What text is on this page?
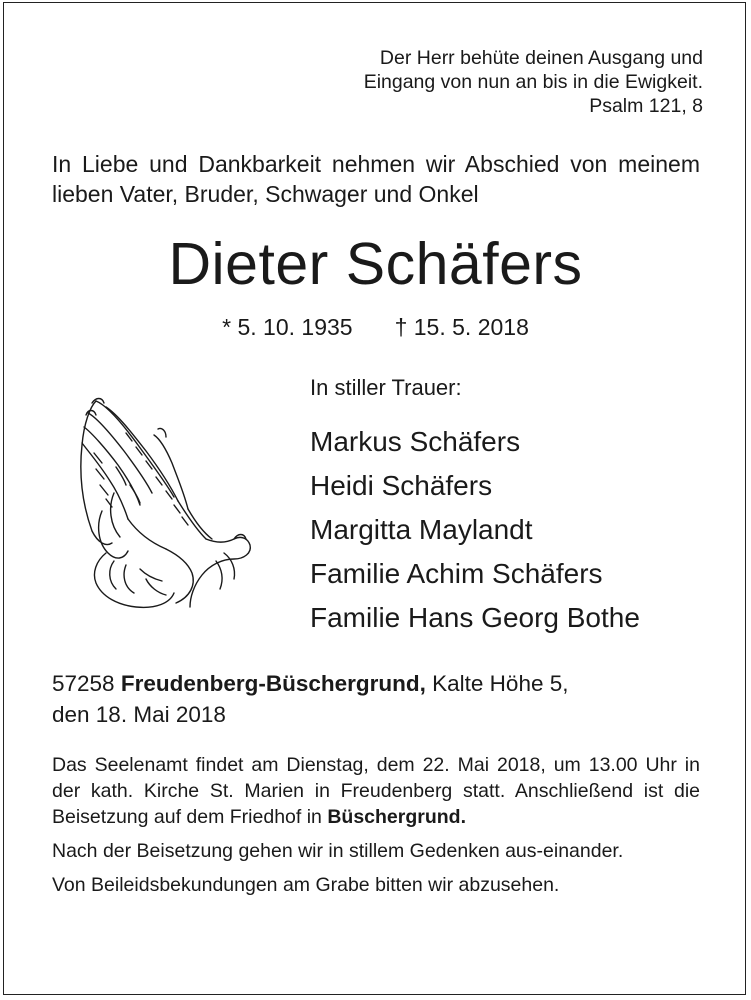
Der Herr behüte deinen Ausgang und
Eingang von nun an bis in die Ewigkeit.
Psalm 121, 8
In Liebe und Dankbarkeit nehmen wir Abschied von meinem lieben Vater, Bruder, Schwager und Onkel
Dieter Schäfers
* 5. 10. 1935 † 15. 5. 2018
In stiller Trauer:
Markus Schäfers
Heidi Schäfers
Margitta Maylandt
Familie Achim Schäfers
Familie Hans Georg Bothe
57258 Freudenberg-Büschergrund, Kalte Höhe 5,
den 18. Mai 2018

Das Seelenamt findet am Dienstag, dem 22. Mai 2018, um 13.00 Uhr in der kath. Kirche St. Marien in Freudenberg statt. Anschließend ist die Beisetzung auf dem Friedhof in Büschergrund.

Nach der Beisetzung gehen wir in stillem Gedenken aus-einander.

Von Beileidsbekundungen am Grabe bitten wir abzusehen.
